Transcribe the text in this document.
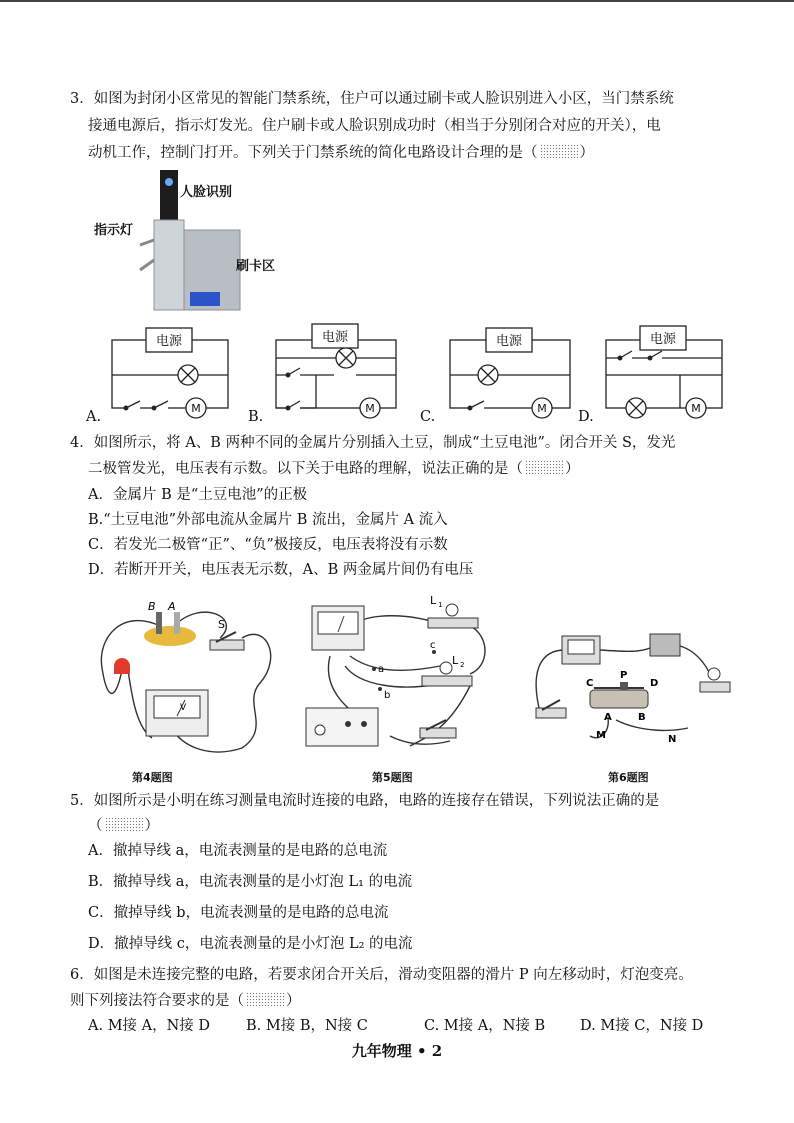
3．如图为封闭小区常见的智能门禁系统，住户可以通过刷卡或人脸识别进入小区，当门禁系统
接通电源后，指示灯发光。住户刷卡或人脸识别成功时（相当于分别闭合对应的开关），电
动机工作，控制门打开。下列关于门禁系统的简化电路设计合理的是（	）
人脸识别
指示灯
刷卡区
电源	电源	电源	电源
M	M	M	M
A.	B.	C.	D.
4．如图所示，将 A、B 两种不同的金属片分别插入土豆，制成“土豆电池”。闭合开关 S，发光
二极管发光，电压表有示数。以下关于电路的理解，说法正确的是（	）
A．金属片 B 是“土豆电池”的正极
B.“土豆电池”外部电流从金属片 B 流出，金属片 A 流入
C．若发光二极管“正”、“负”极接反，电压表将没有示数
D．若断开开关，电压表无示数，A、B 两金属片间仍有电压
B A
S
V
第4题图
L 1
L 2
a
b
c
第5题图
C
P
D
A	B
M	N
第6题图
5．如图所示是小明在练习测量电流时连接的电路，电路的连接存在错误，下列说法正确的是
（	）
A．撤掉导线 a，电流表测量的是电路的总电流
B．撤掉导线 a，电流表测量的是小灯泡 L₁ 的电流
C．撤掉导线 b，电流表测量的是电路的总电流
D．撤掉导线 c，电流表测量的是小灯泡 L₂ 的电流
6．如图是未连接完整的电路，若要求闭合开关后，滑动变阻器的滑片 P 向左移动时，灯泡变亮。
则下列接法符合要求的是（	）
A. M接 A，N接 D B. M接 B，N接 C	C. M接 A，N接 B D. M接 C，N接 D
九年物理 • 2
